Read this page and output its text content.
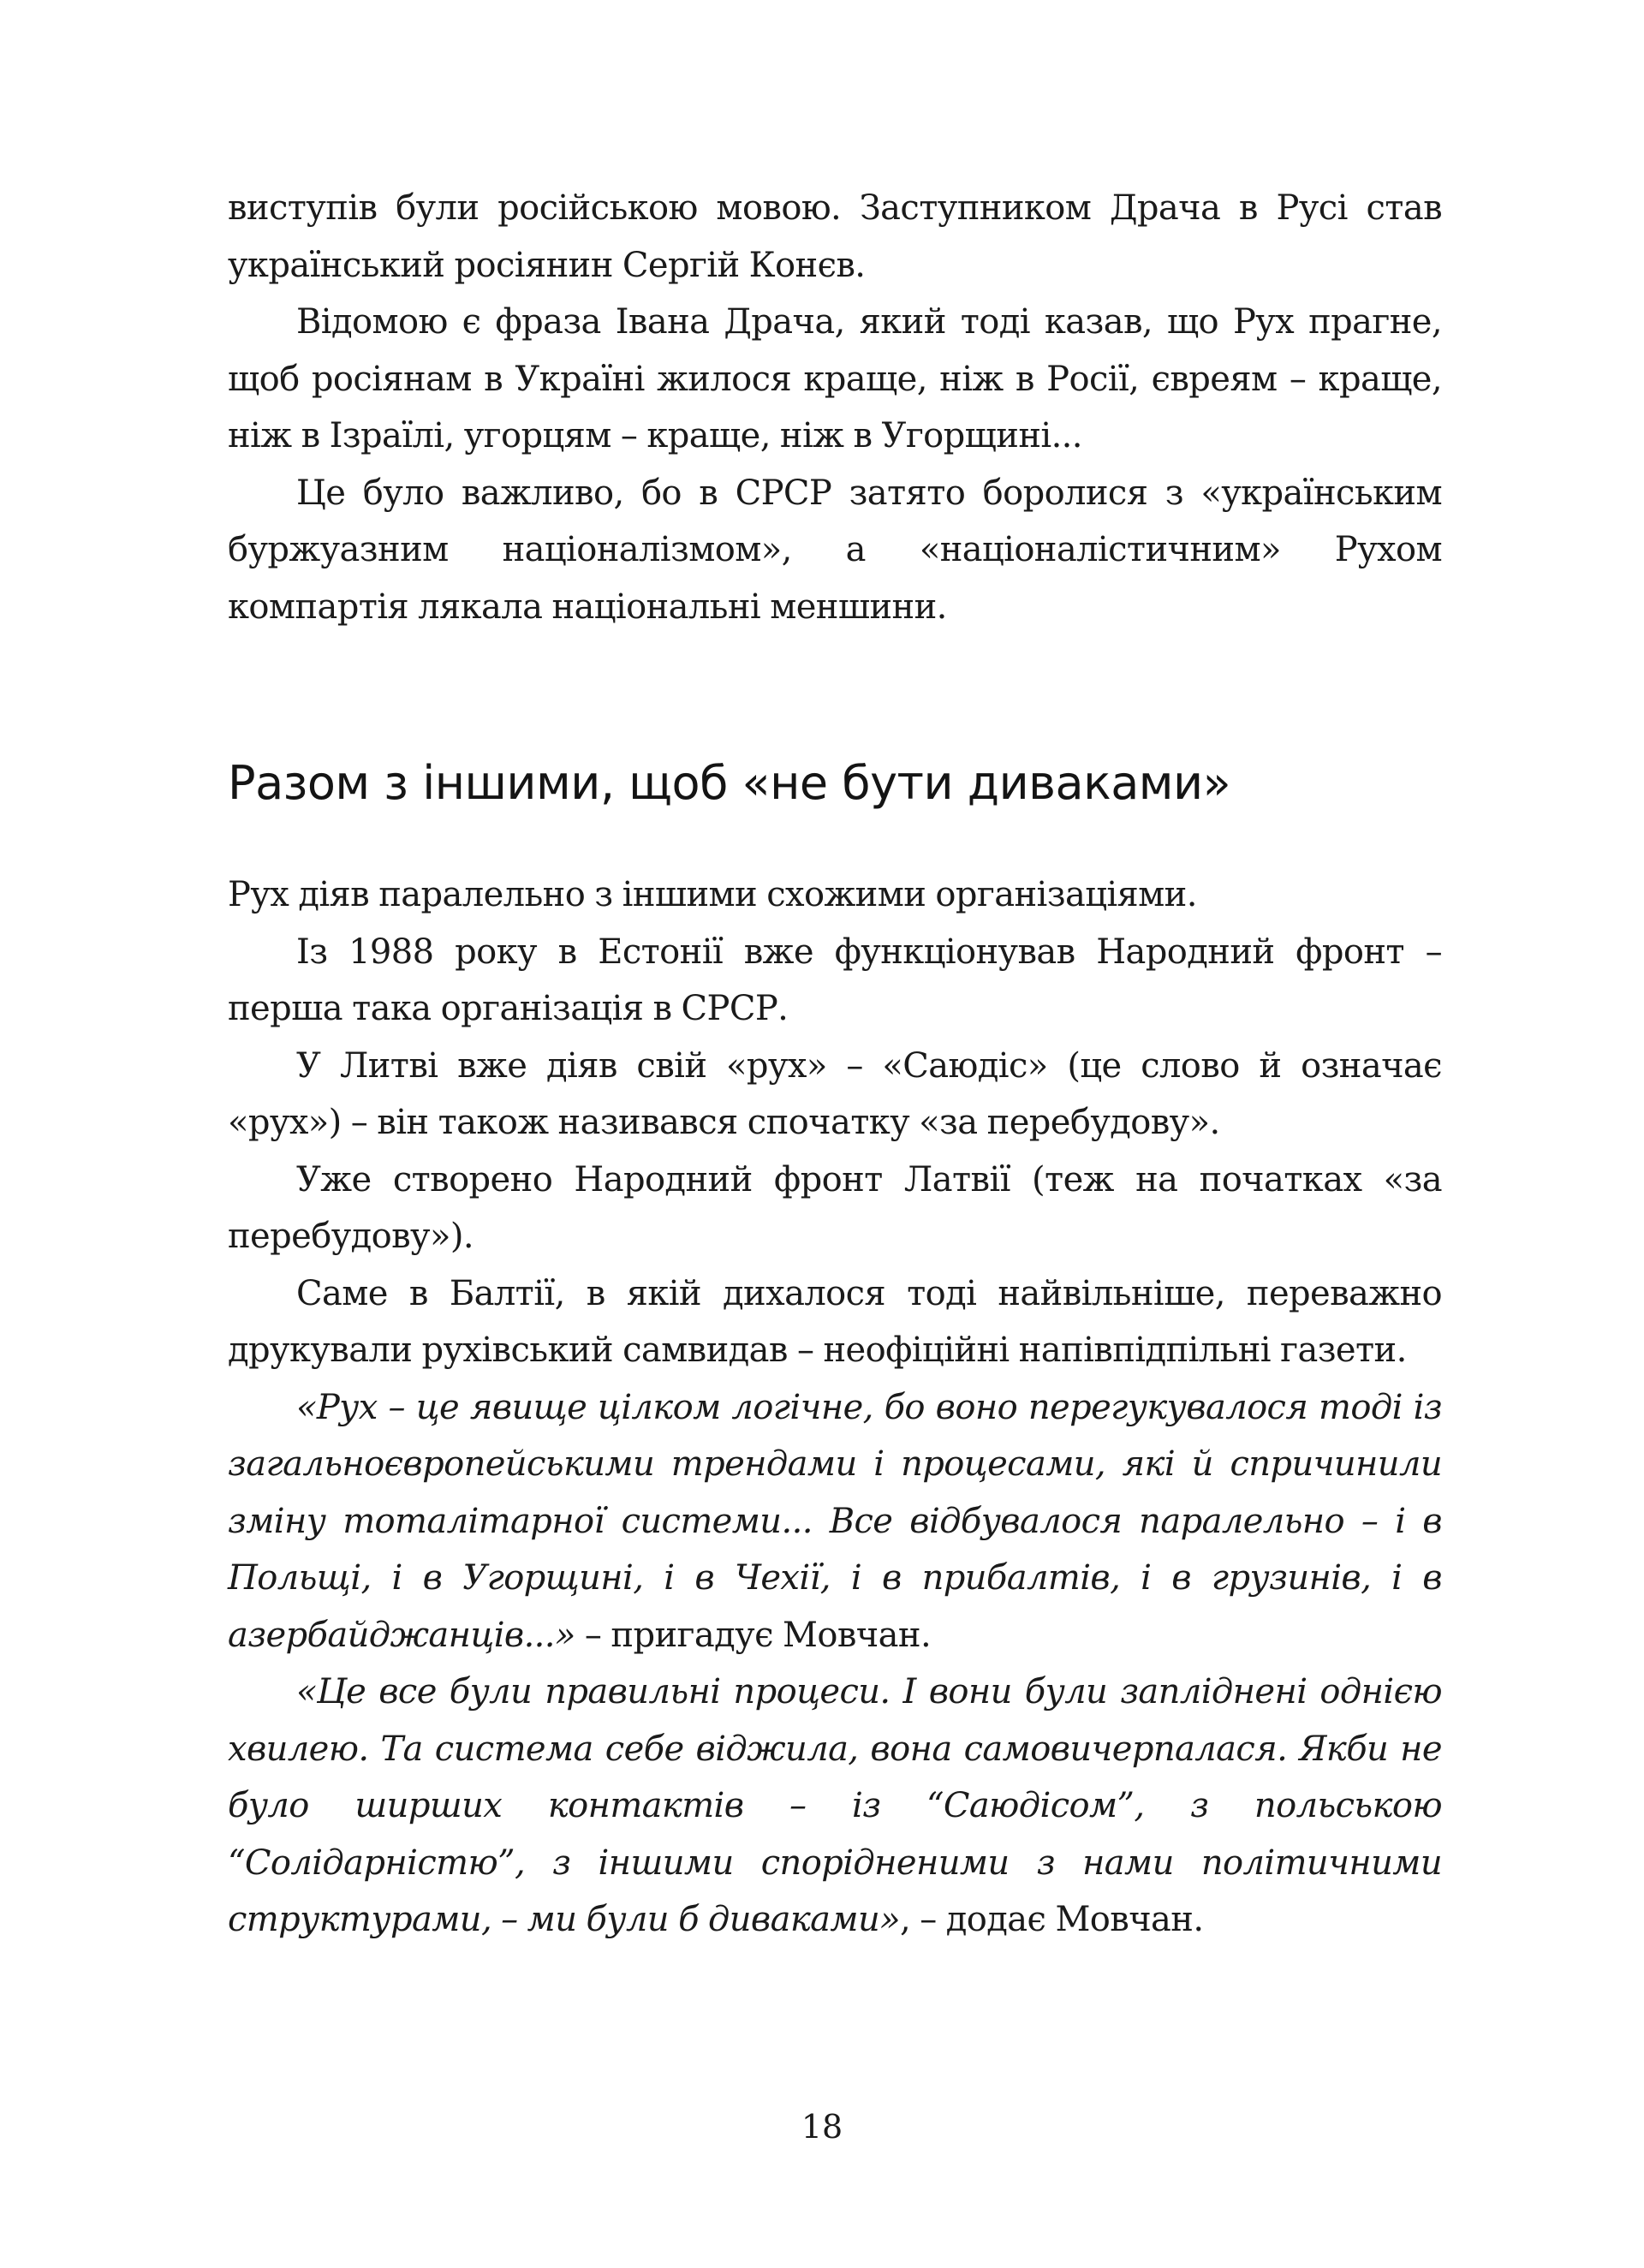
виступів були російською мовою. Заступником Драча в Русі став український росіянин Сергій Конєв.

Відомою є фраза Івана Драча, який тоді казав, що Рух прагне, щоб росіянам в Україні жилося краще, ніж в Росії, євреям – краще, ніж в Ізраїлі, угорцям – краще, ніж в Угорщині...

Це було важливо, бо в СРСР затято боролися з «українським буржуазним націоналізмом», а «націоналістичним» Рухом компартія лякала національні меншини.

Разом з іншими, щоб «не бути диваками»

Рух діяв паралельно з іншими схожими організаціями.

Із 1988 року в Естонії вже функціонував Народний фронт – перша така організація в СРСР.

У Литві вже діяв свій «рух» – «Саюдіс» (це слово й означає «рух») – він також називався спочатку «за перебудову».

Уже створено Народний фронт Латвії (теж на початках «за перебудову»).

Саме в Балтії, в якій дихалося тоді найвільніше, переважно друкували рухівський самвидав – неофіційні напівпідпільні газети.

«Рух – це явище цілком логічне, бо воно перегукувалося тоді із загальноєвропейськими трендами і процесами, які й спричинили зміну тоталітарної системи... Все відбувалося паралельно – і в Польщі, і в Угорщині, і в Чехії, і в прибалтів, і в грузинів, і в азербайджанців...» – пригадує Мовчан.

«Це все були правильні процеси. І вони були запліднені однією хвилею. Та система себе віджила, вона самовичерпалася. Якби не було ширших контактів – із “Саюдісом”, з польською “Солідарністю”, з іншими спорідненими з нами політичними структурами, – ми були б диваками», – додає Мовчан.

18
